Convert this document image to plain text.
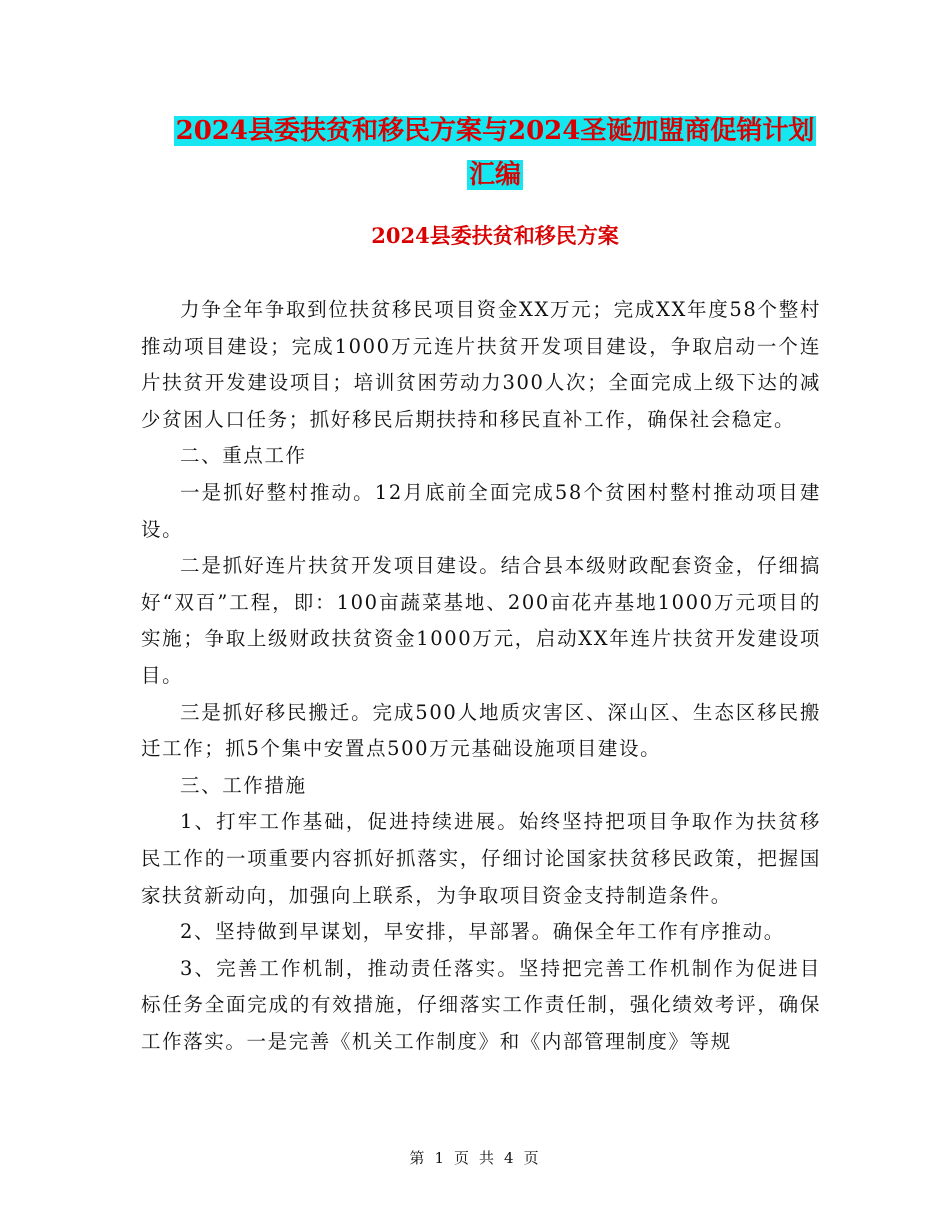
2024县委扶贫和移民方案与2024圣诞加盟商促销计划
汇编
2024县委扶贫和移民方案

力争全年争取到位扶贫移民项目资金XX万元；完成XX年度58个整村推动项目建设；完成1000万元连片扶贫开发项目建设，争取启动一个连片扶贫开发建设项目；培训贫困劳动力300人次；全面完成上级下达的减少贫困人口任务；抓好移民后期扶持和移民直补工作，确保社会稳定。

二、重点工作

一是抓好整村推动。12月底前全面完成58个贫困村整村推动项目建设。

二是抓好连片扶贫开发项目建设。结合县本级财政配套资金，仔细搞好“双百”工程，即：100亩蔬菜基地、200亩花卉基地1000万元项目的实施；争取上级财政扶贫资金1000万元，启动XX年连片扶贫开发建设项目。

三是抓好移民搬迁。完成500人地质灾害区、深山区、生态区移民搬迁工作；抓5个集中安置点500万元基础设施项目建设。

三、工作措施

1、打牢工作基础，促进持续进展。始终坚持把项目争取作为扶贫移民工作的一项重要内容抓好抓落实，仔细讨论国家扶贫移民政策，把握国家扶贫新动向，加强向上联系，为争取项目资金支持制造条件。

2、坚持做到早谋划，早安排，早部署。确保全年工作有序推动。

3、完善工作机制，推动责任落实。坚持把完善工作机制作为促进目标任务全面完成的有效措施，仔细落实工作责任制，强化绩效考评，确保工作落实。一是完善《机关工作制度》和《内部管理制度》等规

第 1 页 共 4 页
